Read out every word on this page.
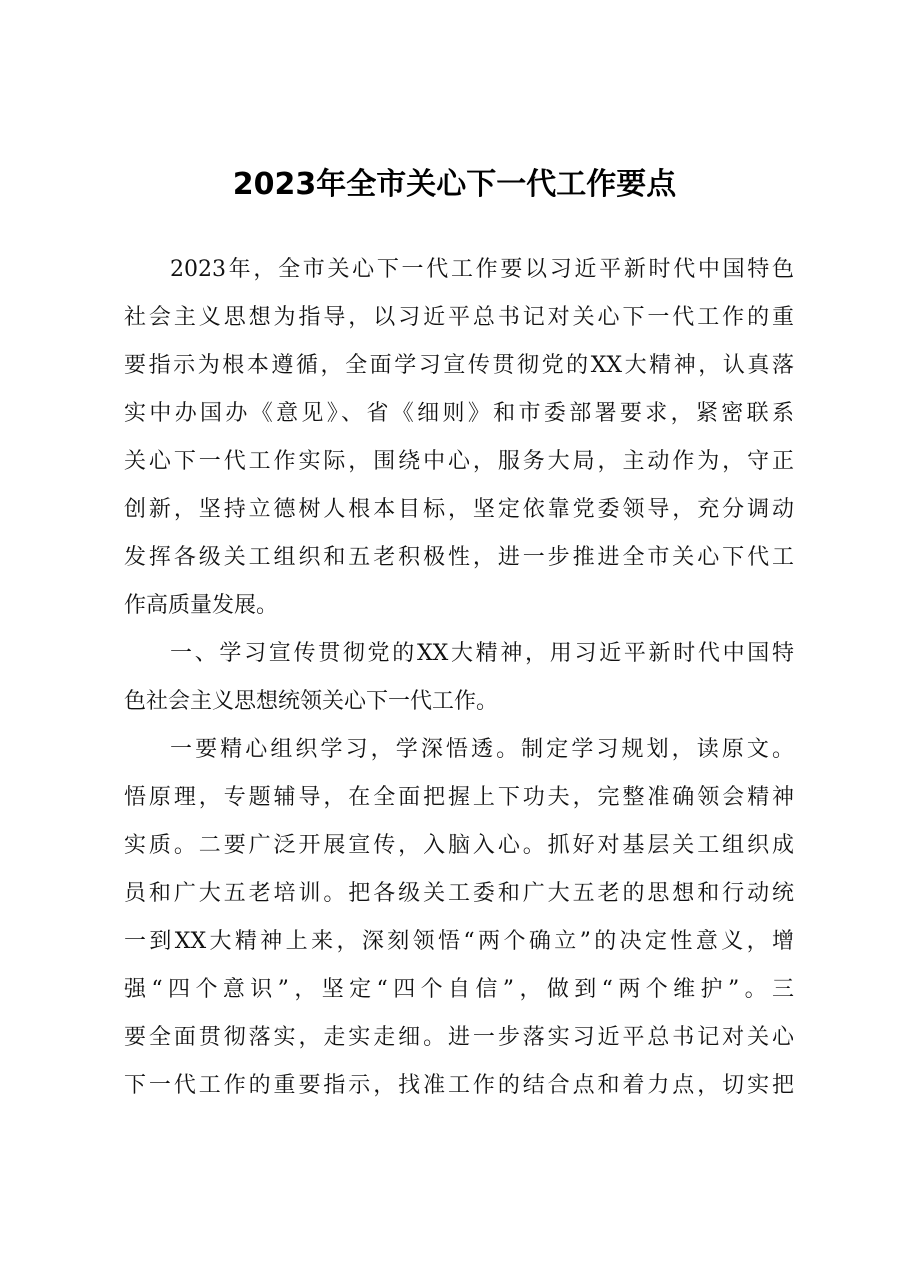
2023年全市关心下一代工作要点
2023年，全市关心下一代工作要以习近平新时代中国特色
社会主义思想为指导，以习近平总书记对关心下一代工作的重
要指示为根本遵循，全面学习宣传贯彻党的XX大精神，认真落
实中办国办《意见》、省《细则》和市委部署要求，紧密联系
关心下一代工作实际，围绕中心，服务大局，主动作为，守正
创新，坚持立德树人根本目标，坚定依靠党委领导，充分调动
发挥各级关工组织和五老积极性，进一步推进全市关心下代工
作高质量发展。
一、学习宣传贯彻党的XX大精神，用习近平新时代中国特
色社会主义思想统领关心下一代工作。
一要精心组织学习，学深悟透。制定学习规划，读原文。
悟原理，专题辅导，在全面把握上下功夫，完整准确领会精神
实质。二要广泛开展宣传，入脑入心。抓好对基层关工组织成
员和广大五老培训。把各级关工委和广大五老的思想和行动统
一到XX大精神上来，深刻领悟“两个确立”的决定性意义，增
强“四个意识”，坚定“四个自信”，做到“两个维护”。三
要全面贯彻落实，走实走细。进一步落实习近平总书记对关心
下一代工作的重要指示，找准工作的结合点和着力点，切实把
